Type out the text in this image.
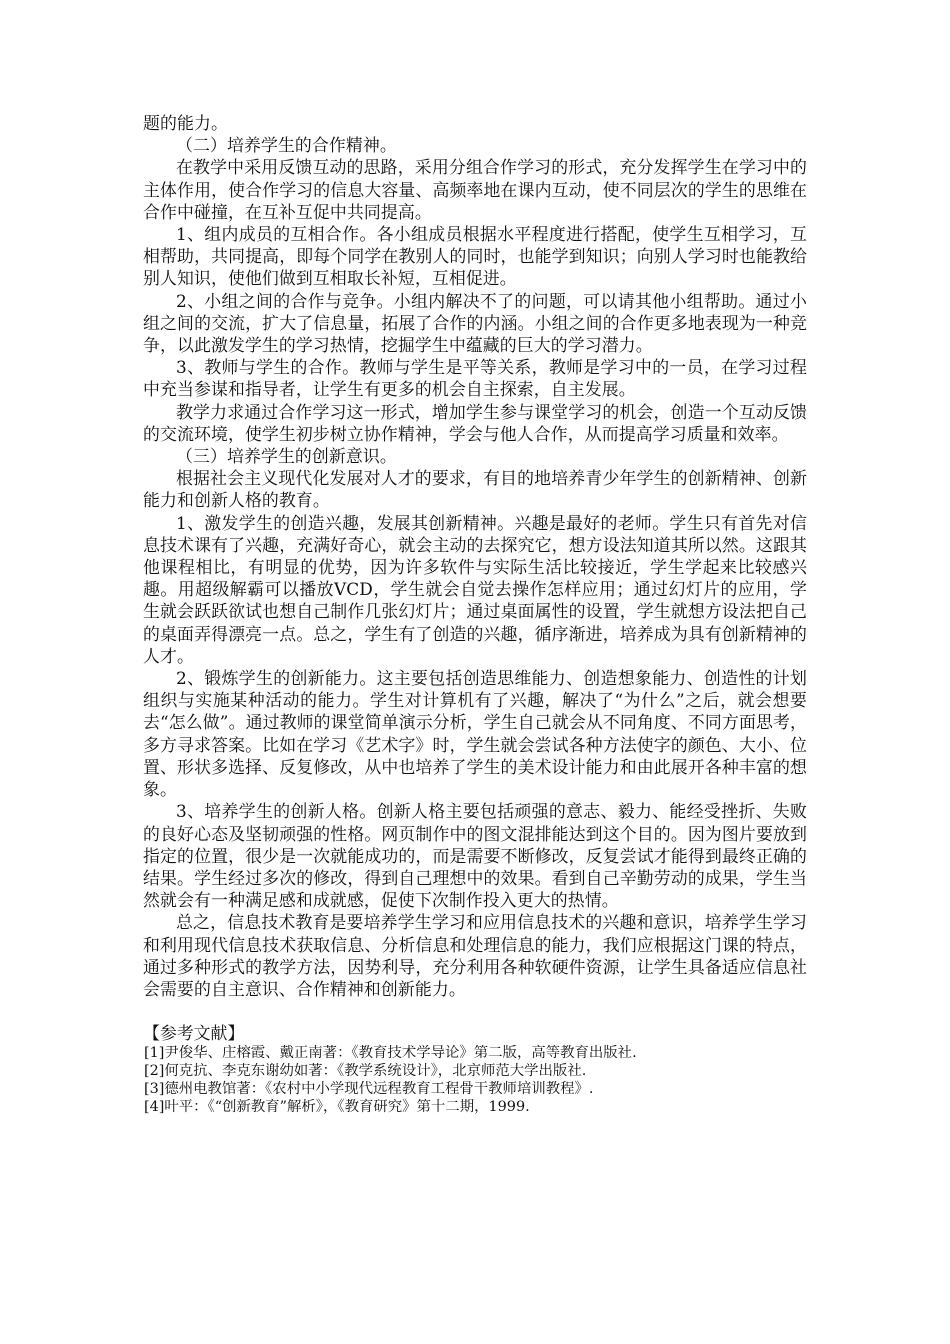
题的能力。

（二）培养学生的合作精神。

在教学中采用反馈互动的思路，采用分组合作学习的形式，充分发挥学生在学习中的主体作用，使合作学习的信息大容量、高频率地在课内互动，使不同层次的学生的思维在合作中碰撞，在互补互促中共同提高。

1、组内成员的互相合作。各小组成员根据水平程度进行搭配，使学生互相学习，互相帮助，共同提高，即每个同学在教别人的同时，也能学到知识；向别人学习时也能教给别人知识，使他们做到互相取长补短，互相促进。

2、小组之间的合作与竞争。小组内解决不了的问题，可以请其他小组帮助。通过小组之间的交流，扩大了信息量，拓展了合作的内涵。小组之间的合作更多地表现为一种竞争，以此激发学生的学习热情，挖掘学生中蕴藏的巨大的学习潜力。

3、教师与学生的合作。教师与学生是平等关系，教师是学习中的一员，在学习过程中充当参谋和指导者，让学生有更多的机会自主探索，自主发展。

教学力求通过合作学习这一形式，增加学生参与课堂学习的机会，创造一个互动反馈的交流环境，使学生初步树立协作精神，学会与他人合作，从而提高学习质量和效率。

（三）培养学生的创新意识。

根据社会主义现代化发展对人才的要求，有目的地培养青少年学生的创新精神、创新能力和创新人格的教育。

1、激发学生的创造兴趣，发展其创新精神。兴趣是最好的老师。学生只有首先对信息技术课有了兴趣，充满好奇心，就会主动的去探究它，想方设法知道其所以然。这跟其他课程相比，有明显的优势，因为许多软件与实际生活比较接近，学生学起来比较感兴趣。用超级解霸可以播放VCD，学生就会自觉去操作怎样应用；通过幻灯片的应用，学生就会跃跃欲试也想自己制作几张幻灯片；通过桌面属性的设置，学生就想方设法把自己的桌面弄得漂亮一点。总之，学生有了创造的兴趣，循序渐进，培养成为具有创新精神的人才。

2、锻炼学生的创新能力。这主要包括创造思维能力、创造想象能力、创造性的计划组织与实施某种活动的能力。学生对计算机有了兴趣，解决了“为什么”之后，就会想要去“怎么做”。通过教师的课堂简单演示分析，学生自己就会从不同角度、不同方面思考，多方寻求答案。比如在学习《艺术字》时，学生就会尝试各种方法使字的颜色、大小、位置、形状多选择、反复修改，从中也培养了学生的美术设计能力和由此展开各种丰富的想象。

3、培养学生的创新人格。创新人格主要包括顽强的意志、毅力、能经受挫折、失败的良好心态及坚韧顽强的性格。网页制作中的图文混排能达到这个目的。因为图片要放到指定的位置，很少是一次就能成功的，而是需要不断修改，反复尝试才能得到最终正确的结果。学生经过多次的修改，得到自己理想中的效果。看到自己辛勤劳动的成果，学生当然就会有一种满足感和成就感，促使下次制作投入更大的热情。

总之，信息技术教育是要培养学生学习和应用信息技术的兴趣和意识，培养学生学习和利用现代信息技术获取信息、分析信息和处理信息的能力，我们应根据这门课的特点，通过多种形式的教学方法，因势利导，充分利用各种软硬件资源，让学生具备适应信息社会需要的自主意识、合作精神和创新能力。

【参考文献】
[1]尹俊华、庄榕霞、戴正南著：《教育技术学导论》第二版，高等教育出版社.
[2]何克抗、李克东谢幼如著：《教学系统设计》，北京师范大学出版社.
[3]德州电教馆著：《农村中小学现代远程教育工程骨干教师培训教程》.
[4]叶平：《“创新教育”解析》，《教育研究》第十二期，1999.
